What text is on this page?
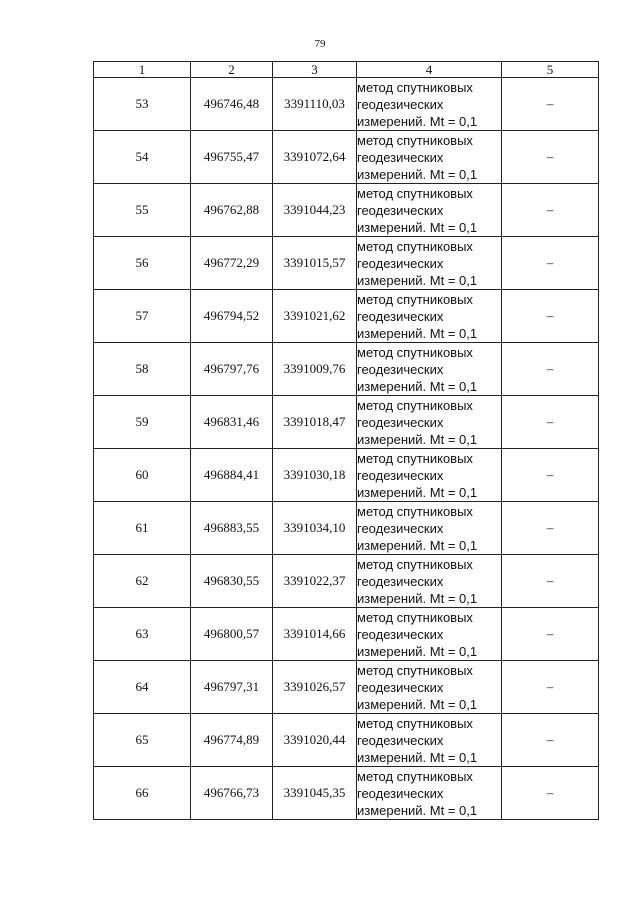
79
1	2	3	4	5
53	496746,48	3391110,03	метод спутниковых геодезических измерений. Mt = 0,1	–
54	496755,47	3391072,64	метод спутниковых геодезических измерений. Mt = 0,1	–
55	496762,88	3391044,23	метод спутниковых геодезических измерений. Mt = 0,1	–
56	496772,29	3391015,57	метод спутниковых геодезических измерений. Mt = 0,1	–
57	496794,52	3391021,62	метод спутниковых геодезических измерений. Mt = 0,1	–
58	496797,76	3391009,76	метод спутниковых геодезических измерений. Mt = 0,1	–
59	496831,46	3391018,47	метод спутниковых геодезических измерений. Mt = 0,1	–
60	496884,41	3391030,18	метод спутниковых геодезических измерений. Mt = 0,1	–
61	496883,55	3391034,10	метод спутниковых геодезических измерений. Mt = 0,1	–
62	496830,55	3391022,37	метод спутниковых геодезических измерений. Mt = 0,1	–
63	496800,57	3391014,66	метод спутниковых геодезических измерений. Mt = 0,1	–
64	496797,31	3391026,57	метод спутниковых геодезических измерений. Mt = 0,1	–
65	496774,89	3391020,44	метод спутниковых геодезических измерений. Mt = 0,1	–
66	496766,73	3391045,35	метод спутниковых геодезических измерений. Mt = 0,1	–
